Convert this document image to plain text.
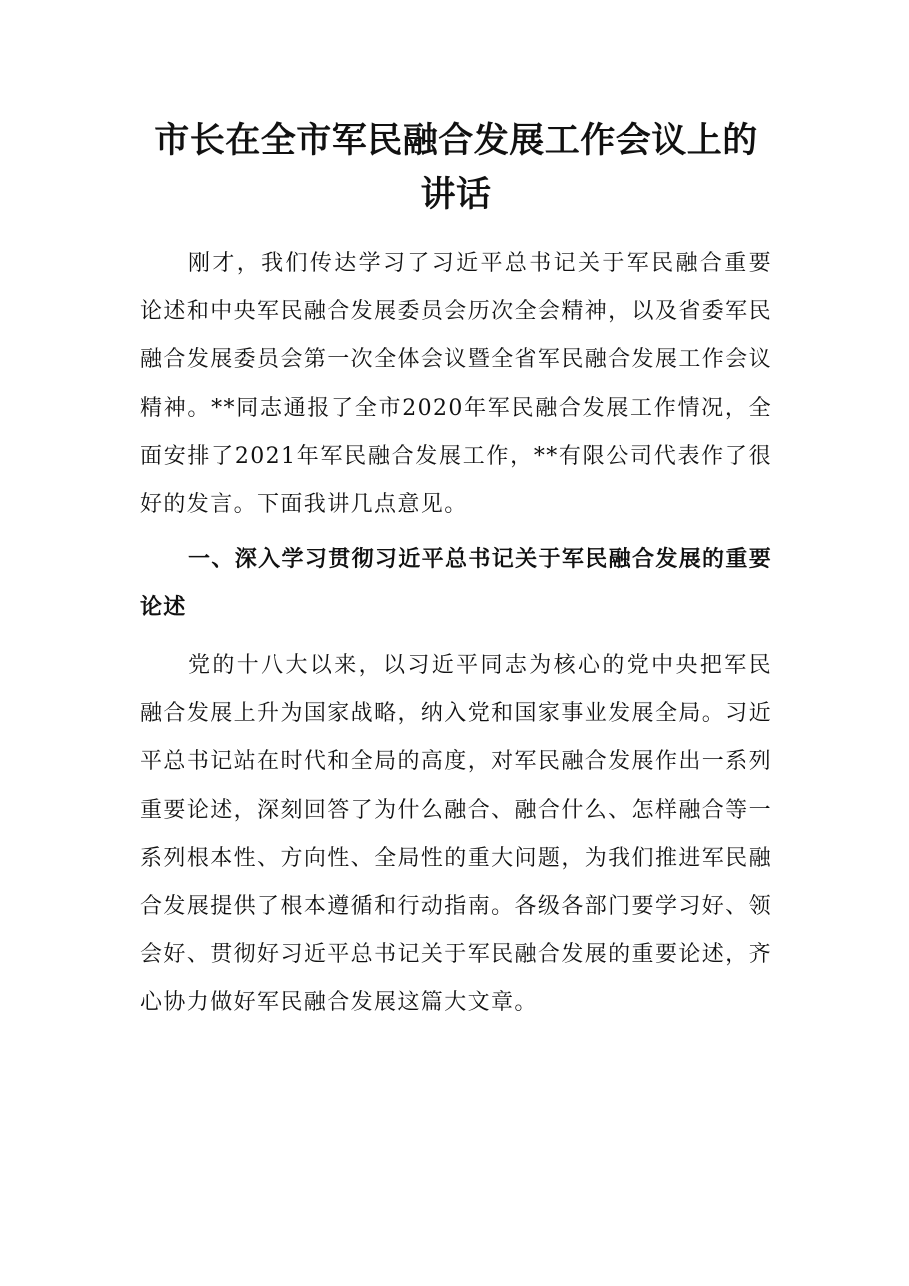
市长在全市军民融合发展工作会议上的讲话

刚才，我们传达学习了习近平总书记关于军民融合重要论述和中央军民融合发展委员会历次全会精神，以及省委军民融合发展委员会第一次全体会议暨全省军民融合发展工作会议精神。**同志通报了全市2020年军民融合发展工作情况，全面安排了2021年军民融合发展工作，**有限公司代表作了很好的发言。下面我讲几点意见。

一、深入学习贯彻习近平总书记关于军民融合发展的重要论述

党的十八大以来，以习近平同志为核心的党中央把军民融合发展上升为国家战略，纳入党和国家事业发展全局。习近平总书记站在时代和全局的高度，对军民融合发展作出一系列重要论述，深刻回答了为什么融合、融合什么、怎样融合等一系列根本性、方向性、全局性的重大问题，为我们推进军民融合发展提供了根本遵循和行动指南。各级各部门要学习好、领会好、贯彻好习近平总书记关于军民融合发展的重要论述，齐心协力做好军民融合发展这篇大文章。
